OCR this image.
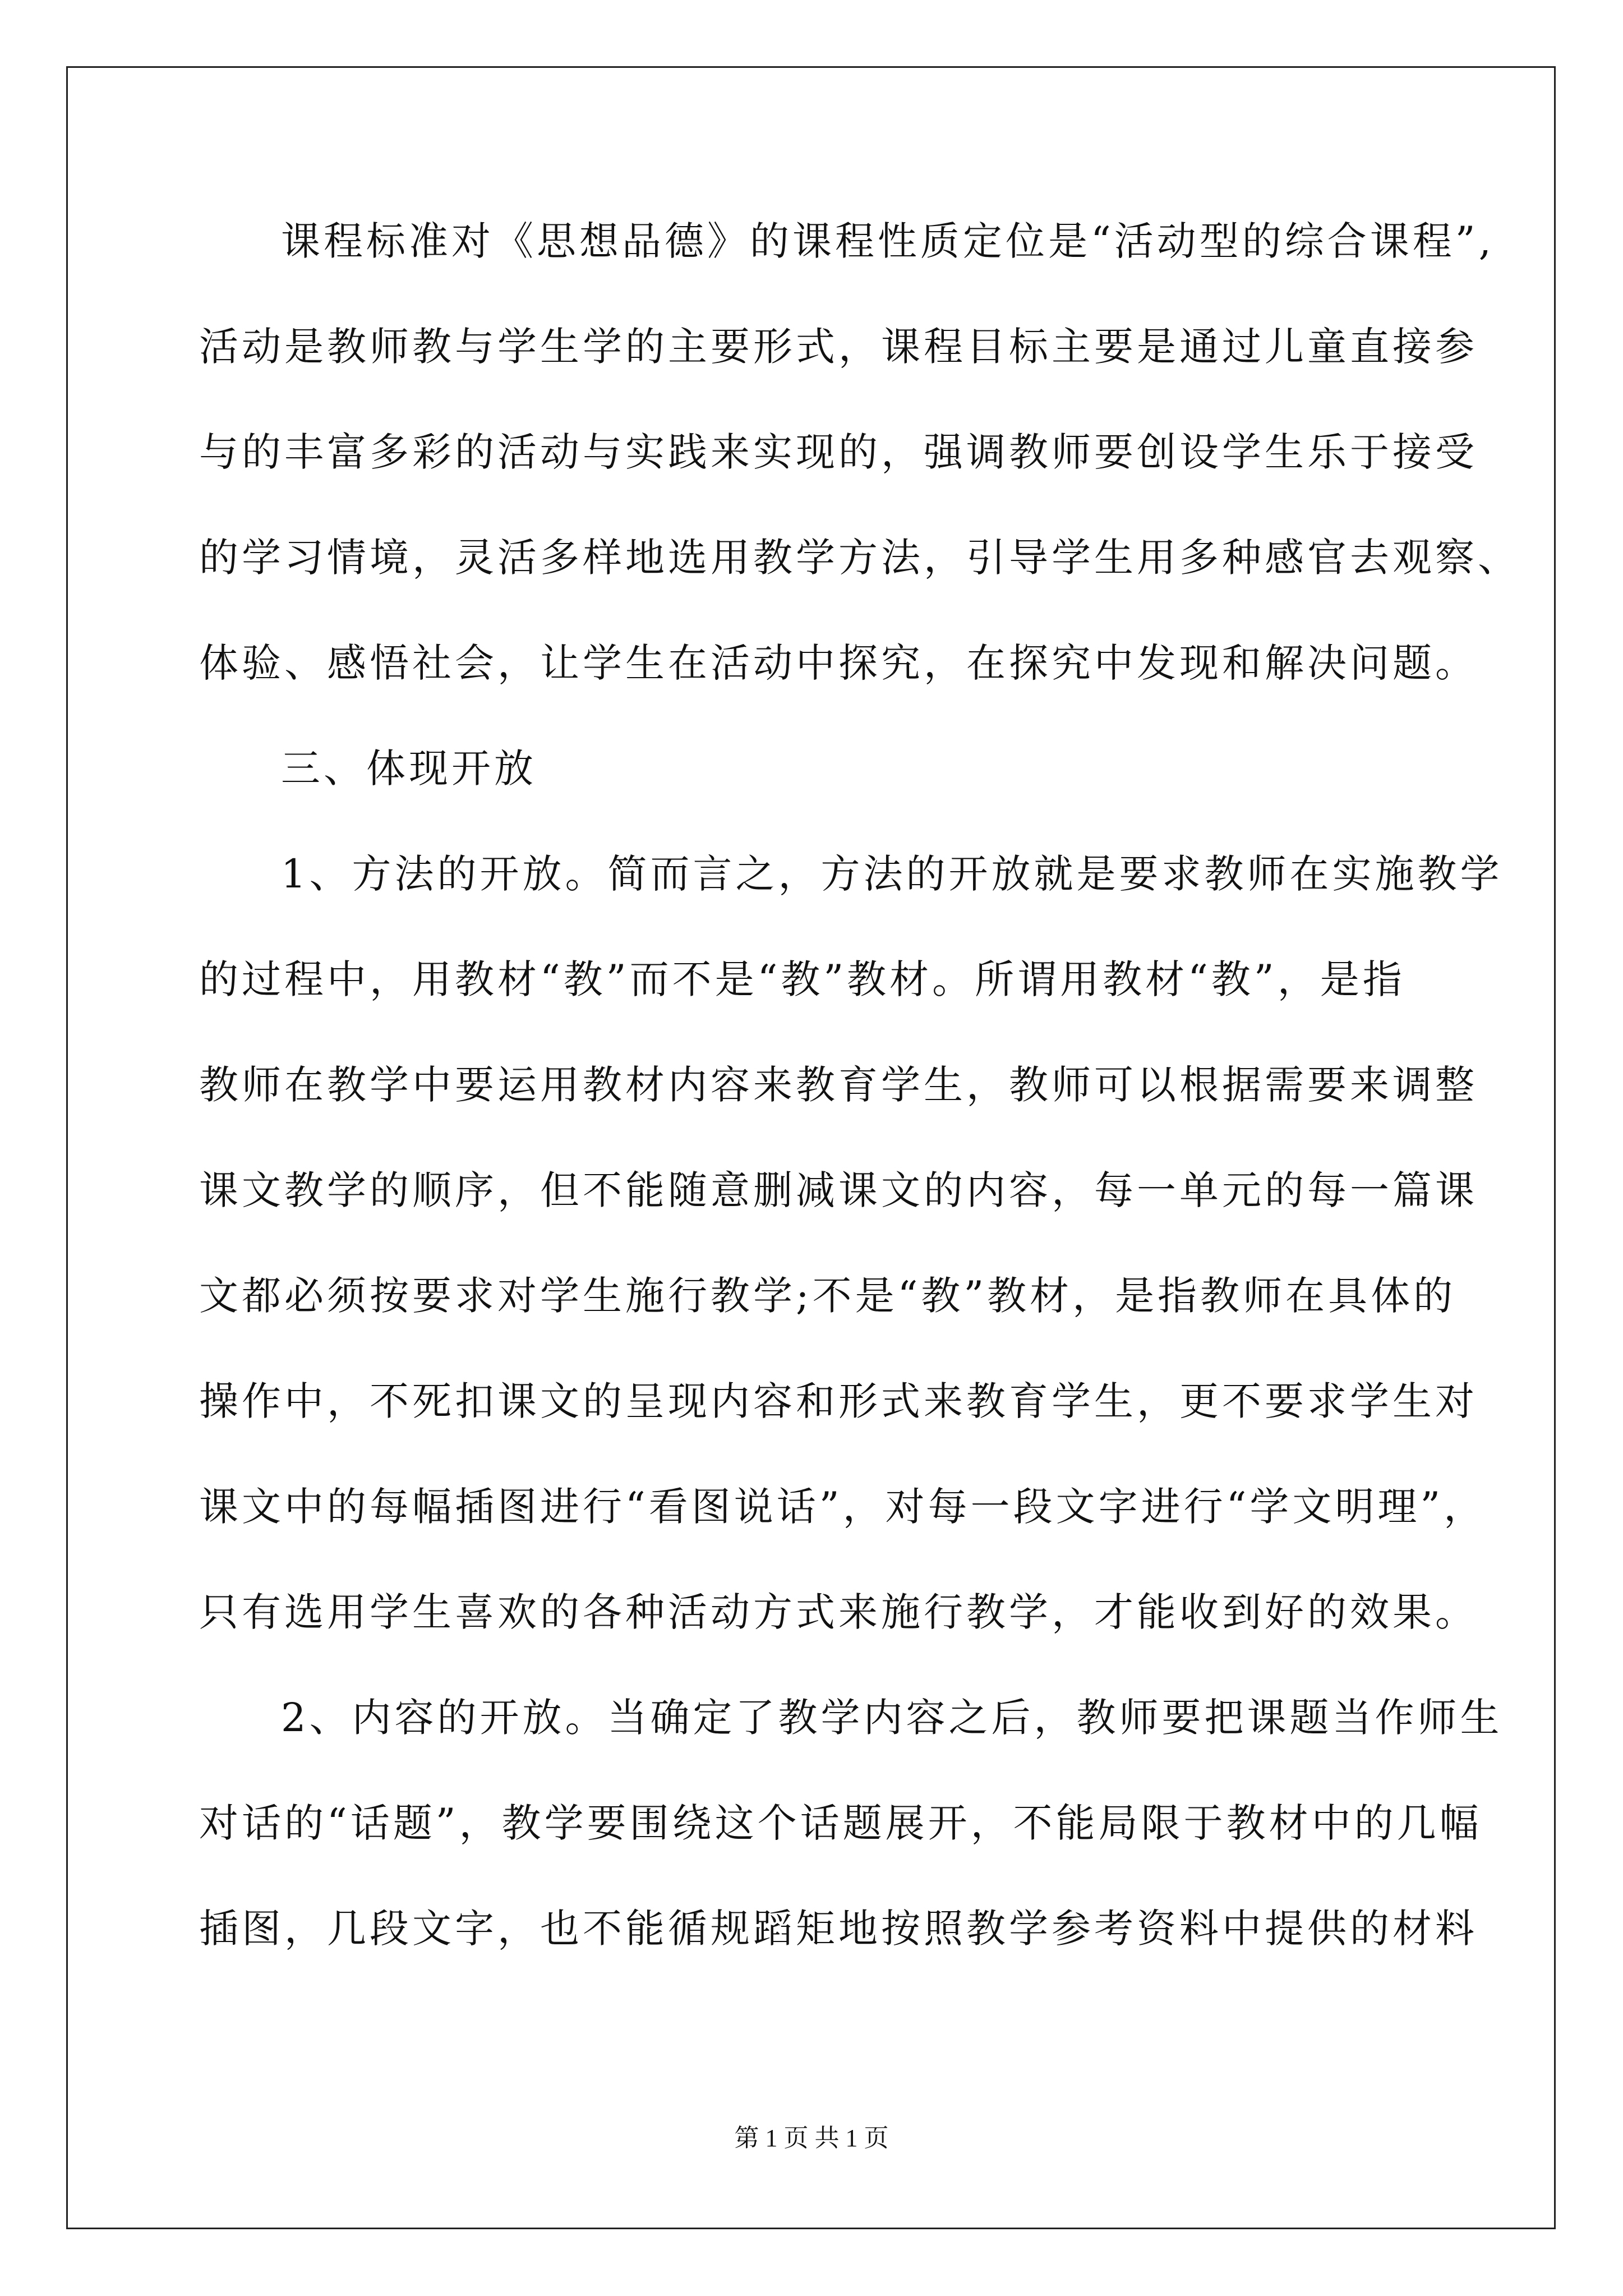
课程标准对《思想品德》的课程性质定位是“活动型的综合课程”,
活动是教师教与学生学的主要形式，课程目标主要是通过儿童直接参
与的丰富多彩的活动与实践来实现的，强调教师要创设学生乐于接受
的学习情境，灵活多样地选用教学方法，引导学生用多种感官去观察、
体验、感悟社会，让学生在活动中探究，在探究中发现和解决问题。
三、体现开放
1、方法的开放。简而言之，方法的开放就是要求教师在实施教学
的过程中，用教材“教”而不是“教”教材。所谓用教材“教”，是指
教师在教学中要运用教材内容来教育学生，教师可以根据需要来调整
课文教学的顺序，但不能随意删减课文的内容，每一单元的每一篇课
文都必须按要求对学生施行教学;不是“教”教材，是指教师在具体的
操作中，不死扣课文的呈现内容和形式来教育学生，更不要求学生对
课文中的每幅插图进行“看图说话”，对每一段文字进行“学文明理”，
只有选用学生喜欢的各种活动方式来施行教学，才能收到好的效果。
2、内容的开放。当确定了教学内容之后，教师要把课题当作师生
对话的“话题”，教学要围绕这个话题展开，不能局限于教材中的几幅
插图，几段文字，也不能循规蹈矩地按照教学参考资料中提供的材料
第 1 页 共 1 页
